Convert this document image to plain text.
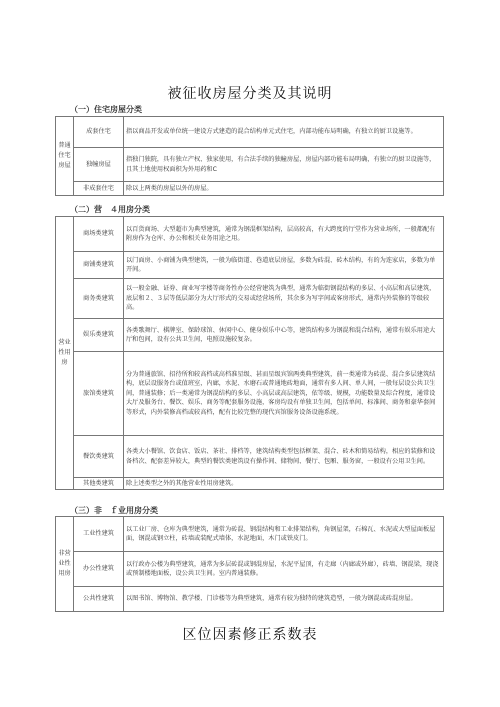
被征收房屋分类及其说明
（一）住宅房屋分类
普通住宅房屋	成套住宅	指以商品开发或单位统一建设方式建造的混合结构单元式住宅，内部功能布局明确，有独立的厨卫设施等。
	独幢房屋	指独门独院，具有独立产权、独家使用，有合法手续的独幢房屋，房屋内部功能布局明确，有独立的厨卫设施等，且其土地使用权面积为外用药和C
	非成套住宅	除以上两类的房屋以外的房屋。
（二）营　４用房分类
营业性用房	商场类建筑	以百货商场、大型超市为典型建筑，通常为钢混框架结构，层高较高，有大跨度的厅堂作为营业场所，一般都配有附房作为仓库、办公和相关业务用途之用。
	商铺类建筑	以门面房、小商铺为典型建筑，一般为临街道、巷道底层房屋，多数为砖混、砖木结构，有的为连家店，多数为单开间。
	商务类建筑	以一般金融、证券、商业写字楼等商务性办公经营建筑为典型，通常为临街钢混结构的多层、小高层和高层建筑，底层和２、３层等低层部分为大厅形式的交易或经营场所，其余多为写字间或客房形式，通常内外装修的等级较高。
	娱乐类建筑	各类歌舞厅、棋牌室、保龄球馆、休闲中心、健身娱乐中心等，建筑结构多为钢混和混合结构，通常有娱乐用途大厅和包间，设有公共卫生间，电照设施较复杂。
	旅馆类建筑	分为普通旅馆、招待所和较高档或高档准星级、甚而星级宾馆两类典型建筑，前一类通常为砖混、混合多层建筑结构，底层设服务台或值班室，内廊，水泥、水磨石或普通地砖地面，通常有多人间、单人间，一般每层设公共卫生间，普通装修；后一类通常为钢混结构的多层、小高层或高层建筑，依等级、规模，功能数量及综合程度，通常设大厅及服务台、餐饮、娱乐、商务等配套服务设施，客房均设有单独卫生间，包括单间、标准间、商务和豪华套间等形式，内外装修高档或较高档，配有比较完整的现代宾馆服务设备设施系统。
	餐饮类建筑	各类大小餐馆、饮食店、饭店、茶社、排档等，建筑结构类型包括框架、混合、砖木和简易结构，相应的装修和设备档次、配套差异较大，典型的餐饮类建筑设有操作间、储物间、餐厅、包厢、服务窗，一般设有公用卫生间。
	其他类建筑	除上述类型之外的其他营业性用房建筑。
（三）非　ｆ业用房分类
非营业性用房	工业性建筑	以工业厂房、仓库为典型建筑，通常为砖混、钢混结构和工业排架结构，角钢屋架，石棉瓦、水泥或大型屋面板屋面，钢混或钢立柱，砖墙或装配式墙体，水泥地面，木门或铁皮门。
	办公性建筑	以行政办公楼为典型建筑，通常为多层砖混或钢混房屋，水泥平屋顶，有走廊（内廊或外廊），砖墙、钢混梁，现浇或预制楼地面板，设公共卫生间。室内普通装修。
	公共性建筑	以图书馆、博物馆、教学楼、门诊楼等为典型建筑，通常有较为独特的建筑造型，一般为钢混或砖混房屋。
区位因素修正系数表
